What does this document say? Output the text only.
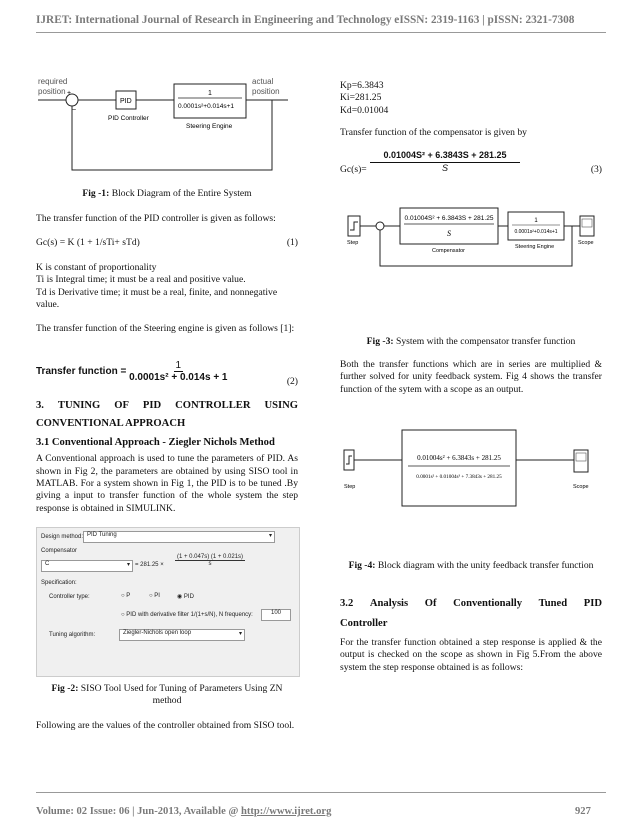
IJRET: International Journal of Research in Engineering and Technology eISSN: 2319-1163 | pISSN: 2321-7308
required
position +
−
PID
PID Controller
1
0.0001s²+0.014s+1
Steering Engine
actual
position
Fig -1: Block Diagram of the Entire System

The transfer function of the PID controller is given as follows:

Gc(s) = K (1 + 1/sTi+ sTd)	(1)

K is constant of proportionality

Ti is Integral time; it must be a real and positive value.

Td is Derivative time; it must be a real, finite, and nonnegative value.

The transfer function of the Steering engine is given as follows [1]:

Transfer function = $\frac{1}{\text{0.0001s² + 0.014s + 1}}$	(2)
3. TUNING OF PID CONTROLLER USING
CONVENTIONAL APPROACH
3.1 Conventional Approach - Ziegler Nichols Method

A Conventional approach is used to tune the parameters of PID. As shown in Fig 2, the parameters are obtained by using SISO tool in MATLAB. For a system shown in Fig 1, the PID is to be tuned .By giving a input to transfer function of the whole system the step response is obtained in SIMULINK.

Design method: PID Tuning	▾
Compensator
C	▾ = 281.25 ×
(1 + 0.047s) (1 + 0.021s)
s
Specification:
Controller type:	○ P	○ PI	◉ PID
○ PID with derivative filter 1/(1+s/N), N frequency:	100
Tuning algorithm:	Ziegler-Nichols open loop	▾
Fig -2: SISO Tool Used for Tuning of Parameters Using ZN method
Following are the values of the controller obtained from SISO tool.

Kp=6.3843

Ki=281.25

Kd=0.01004

Transfer function of the compensator is given by

$\frac{\text{0.01004S² + 6.3843S + 281.25}}{S}$
Gc(s)=	(3)
Step
0.01004S² + 6.3843S + 281.25
S
Compensator
1
0.0001s²+0.014s+1
Steering Engine
Scope
Fig -3: System with the compensator transfer function
Both the transfer functions which are in series are multiplied & further solved for unity feedback system. Fig 4 shows the transfer function of the sytem with a scope as an output.
Step
0.01004s² + 6.3843s + 281.25
0.0001s² + 0.01004s³ + 7.3843s + 281.25
Scope
Fig -4: Block diagram with the unity feedback transfer function
3.2 Analysis Of Conventionally Tuned PID
Controller

For the transfer function obtained a step response is applied & the output is checked on the scope as shown in Fig 5.From the above system the step response obtained is as follows:

Volume: 02 Issue: 06 | Jun-2013, Available @ http://www.ijret.org	927
